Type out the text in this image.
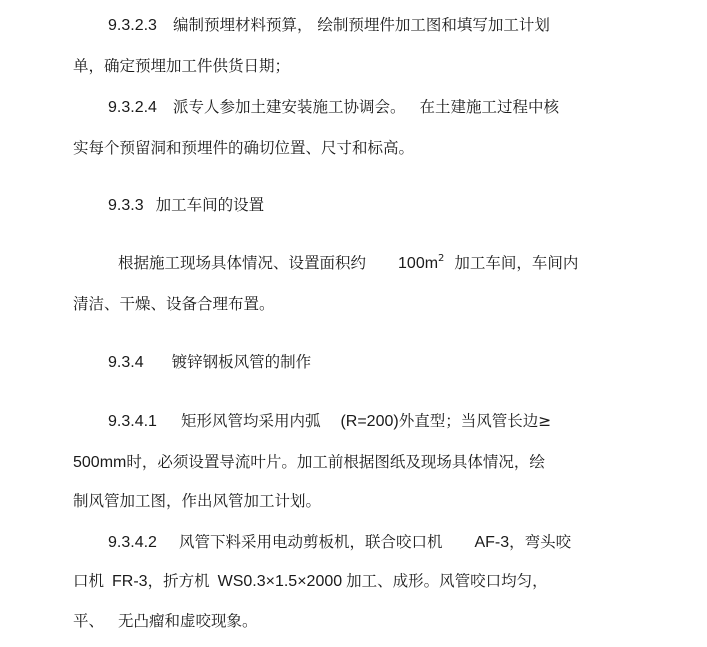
9.3.2.3 编制预埋材料预算， 绘制预埋件加工图和填写加工计划
单，确定预埋加工件供货日期；
9.3.2.4 派专人参加土建安装施工协调会。 在土建施工过程中核
实每个预留洞和预埋件的确切位置、尺寸和标高。
9.3.3 加工车间的设置
根据施工现场具体情况、设置面积约 $100m^2$ 加工车间，车间内
清洁、干燥、设备合理布置。
9.3.4 镀锌钢板风管的制作
9.3.4.1 矩形风管均采用内弧 (R=200)外直型；当风管长边≥
500mm时，必须设置导流叶片。加工前根据图纸及现场具体情况，绘
制风管加工图，作出风管加工计划。
9.3.4.2 风管下料采用电动剪板机，联合咬口机 AF-3，弯头咬
口机 FR-3，折方机 WS0.3×1.5×2000 加工、成形。风管咬口均匀，
平、 无凸瘤和虚咬现象。
